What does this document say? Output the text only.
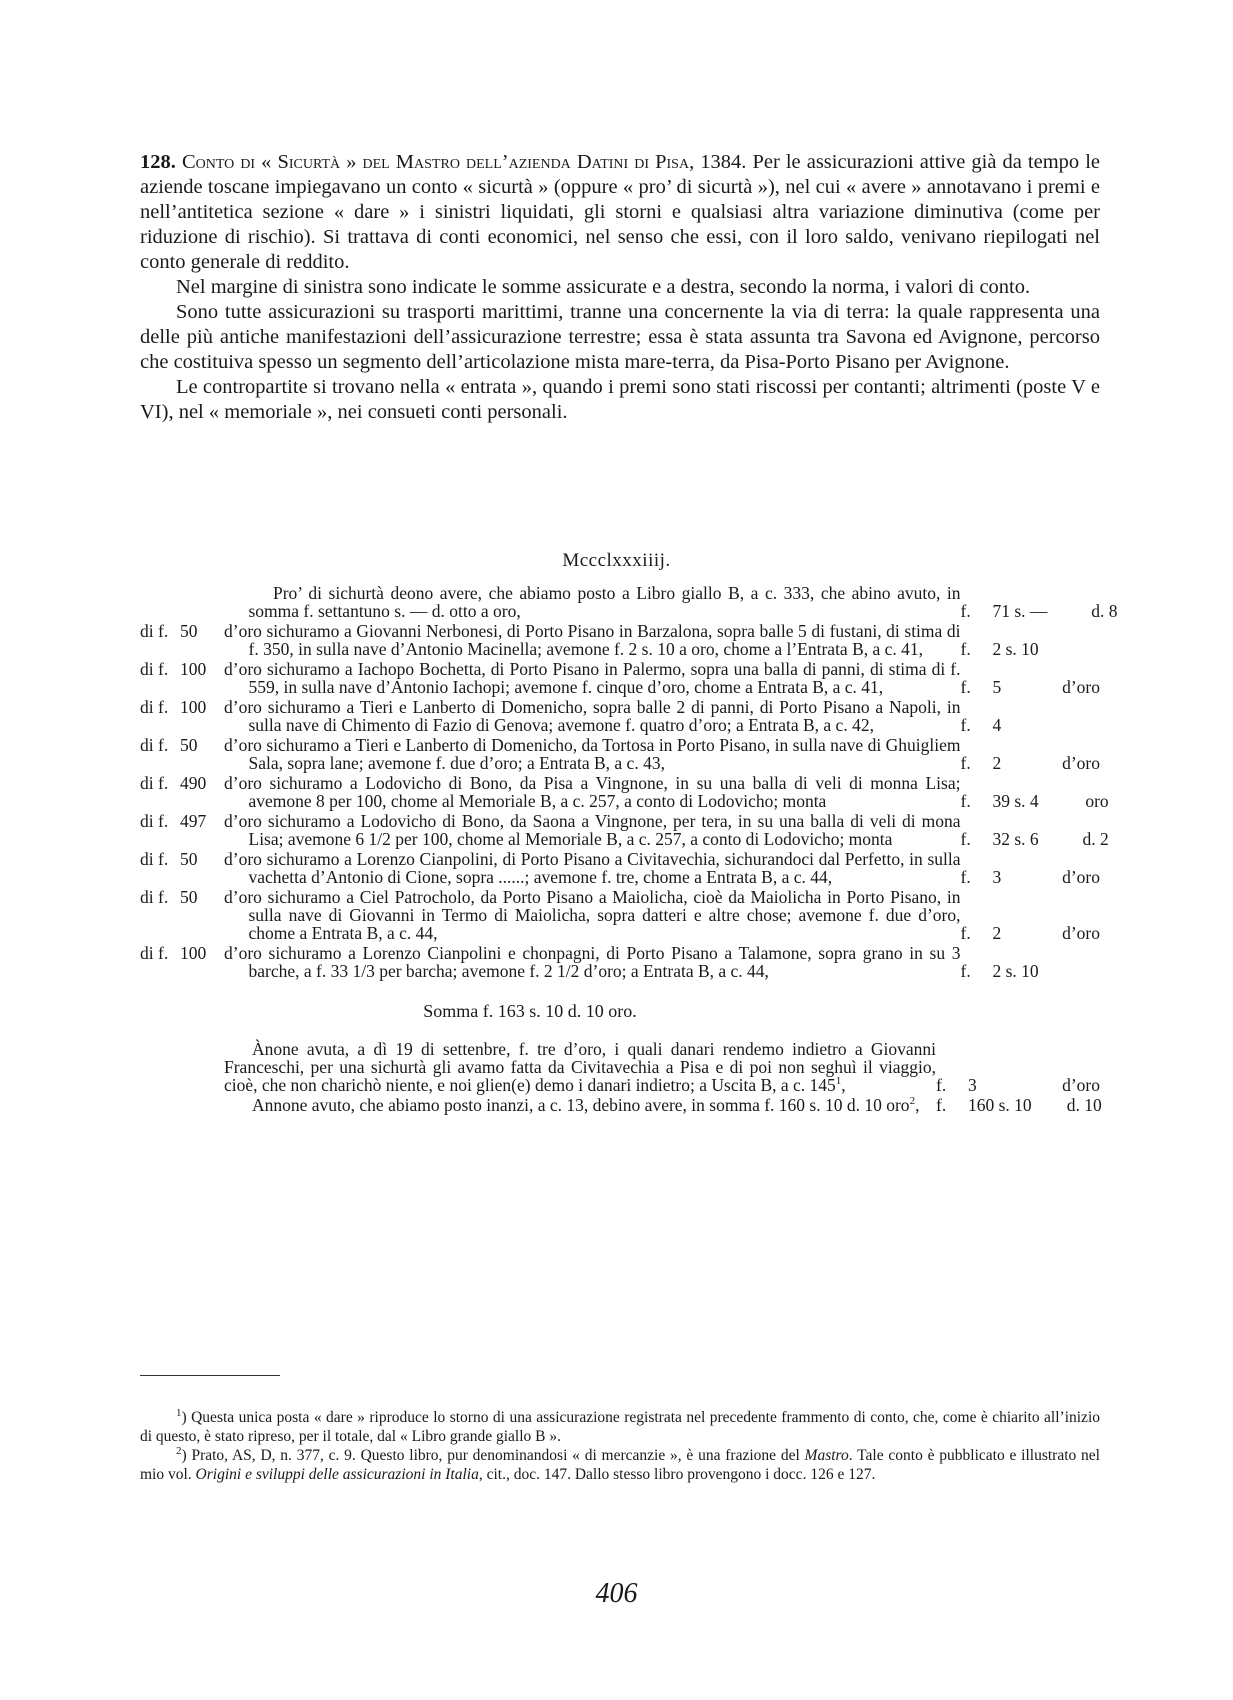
128. Conto di « Sicurtà » del Mastro dell’azienda Datini di Pisa, 1384. Per le assicurazioni attive già da tempo le aziende toscane impiegavano un conto « sicurtà » (oppure « pro’ di sicurtà »), nel cui « avere » annotavano i premi e nell’antitetica sezione « dare » i sinistri liquidati, gli storni e qualsiasi altra variazione diminutiva (come per riduzione di rischio). Si trattava di conti economici, nel senso che essi, con il loro saldo, venivano riepilogati nel conto generale di reddito.

Nel margine di sinistra sono indicate le somme assicurate e a destra, secondo la norma, i valori di conto.

Sono tutte assicurazioni su trasporti marittimi, tranne una concernente la via di terra: la quale rappresenta una delle più antiche manifestazioni dell’assicurazione terrestre; essa è stata assunta tra Savona ed Avignone, percorso che costituiva spesso un segmento dell’articolazione mista mare-terra, da Pisa-Porto Pisano per Avignone.

Le contropartite si trovano nella « entrata », quando i premi sono stati riscossi per contanti; altrimenti (poste V e VI), nel « memoriale », nei consueti conti personali.

Mccclxxxiiij.
Pro’ di sichurtà deono avere, che abiamo posto a Libro giallo B, a c. 333, che abino avuto, in somma f. settantuno s. — d. otto a oro,	f.	71 s. —	d. 8
di f. 50	d’oro sichuramo a Giovanni Nerbonesi, di Porto Pisano in Barzalona, sopra balle 5 di fustani, di stima di f. 350, in sulla nave d’Antonio Macinella; avemone f. 2 s. 10 a oro, chome a l’Entrata B, a c. 41,	f.	2 s. 10
di f. 100	d’oro sichuramo a Iachopo Bochetta, di Porto Pisano in Palermo, sopra una balla di panni, di stima di f. 559, in sulla nave d’Antonio Iachopi; avemone f. cinque d’oro, chome a Entrata B, a c. 41,	f.	5	d’oro
di f. 100	d’oro sichuramo a Tieri e Lanberto di Domenicho, sopra balle 2 di panni, di Porto Pisano a Napoli, in sulla nave di Chimento di Fazio di Genova; avemone f. quatro d’oro; a Entrata B, a c. 42,	f.	4
di f. 50	d’oro sichuramo a Tieri e Lanberto di Domenicho, da Tortosa in Porto Pisano, in sulla nave di Ghuigliem Sala, sopra lane; avemone f. due d’oro; a Entrata B, a c. 43,	f.	2	d’oro
di f. 490	d’oro sichuramo a Lodovicho di Bono, da Pisa a Vingnone, in su una balla di veli di monna Lisa; avemone 8 per 100, chome al Memoriale B, a c. 257, a conto di Lodovicho; monta	f.	39 s. 4	oro
di f. 497	d’oro sichuramo a Lodovicho di Bono, da Saona a Vingnone, per tera, in su una balla di veli di mona Lisa; avemone 6 1/2 per 100, chome al Memoriale B, a c. 257, a conto di Lodovicho; monta	f.	32 s. 6	d. 2
di f. 50	d’oro sichuramo a Lorenzo Cianpolini, di Porto Pisano a Civitavechia, sichurandoci dal Perfetto, in sulla vachetta d’Antonio di Cione, sopra ......; avemone f. tre, chome a Entrata B, a c. 44,	f.	3	d’oro
di f. 50	d’oro sichuramo a Ciel Patrocholo, da Porto Pisano a Maiolicha, cioè da Maiolicha in Porto Pisano, in sulla nave di Giovanni in Termo di Maiolicha, sopra datteri e altre chose; avemone f. due d’oro, chome a Entrata B, a c. 44,	f.	2	d’oro
di f. 100	d’oro sichuramo a Lorenzo Cianpolini e chonpagni, di Porto Pisano a Talamone, sopra grano in su 3 barche, a f. 33 1/3 per barcha; avemone f. 2 1/2 d’oro; a Entrata B, a c. 44,	f.	2 s. 10
Somma f. 163 s. 10 d. 10 oro.
Ànone avuta, a dì 19 di settenbre, f. tre d’oro, i quali danari rendemo indietro a Giovanni Franceschi, per una sichurtà gli avamo fatta da Civitavechia a Pisa e di poi non seghuì il viaggio, cioè, che non charichò niente, e noi glien(e) demo i danari indietro; a Uscita B, a c. $145^1$,	f.	3	d’oro
Annone avuto, che abiamo posto inanzi, a c. 13, debino avere, in somma f. 160 s. 10 d. 10 oro$^2$, f.	160 s. 10	d. 10

$^1$) Questa unica posta « dare » riproduce lo storno di una assicurazione registrata nel precedente frammento di conto, che, come è chiarito all’inizio di questo, è stato ripreso, per il totale, dal « Libro grande giallo B ».

$^2$) Prato, AS, D, n. 377, c. 9. Questo libro, pur denominandosi « di mercanzie », è una frazione del Mastro. Tale conto è pubblicato e illustrato nel mio vol. Origini e sviluppi delle assicurazioni in Italia, cit., doc. 147. Dallo stesso libro provengono i docc. 126 e 127.

406
